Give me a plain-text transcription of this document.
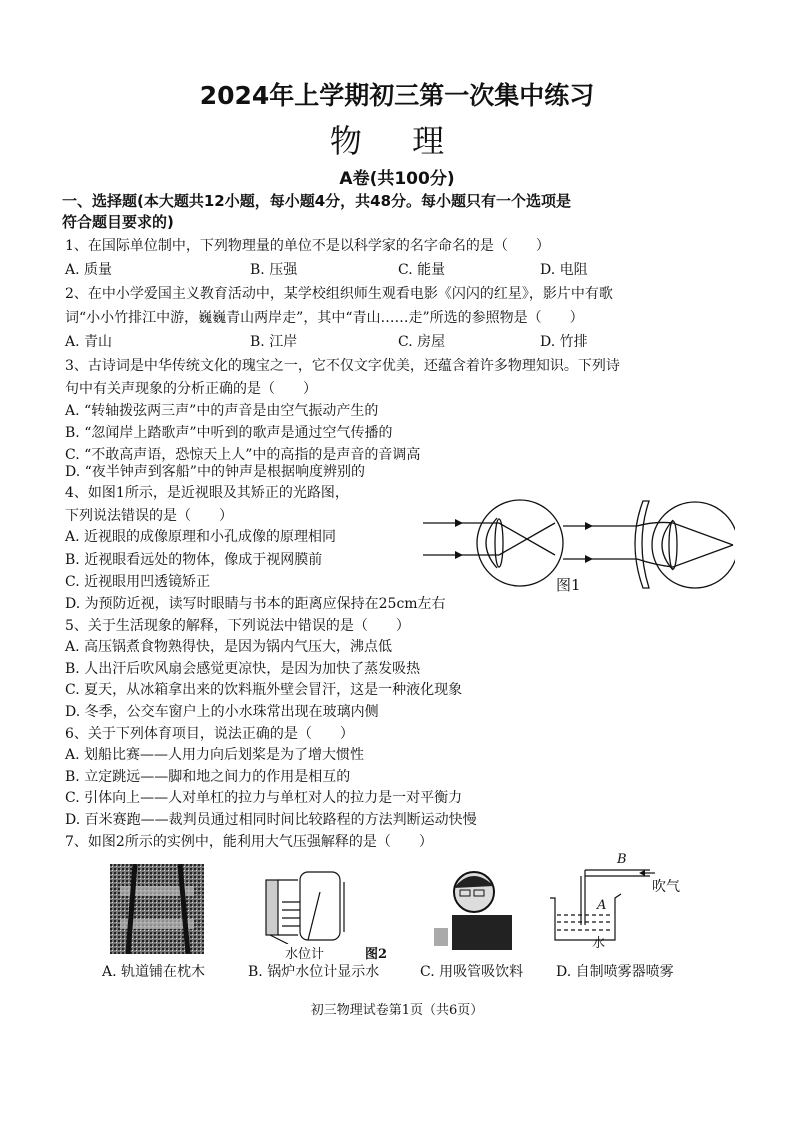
2024年上学期初三第一次集中练习
物 理
A卷(共100分)
一、选择题(本大题共12小题，每小题4分，共48分。每小题只有一个选项是
符合题目要求的)
1、在国际单位制中，下列物理量的单位不是以科学家的名字命名的是（　　）
A. 质量	B. 压强	C. 能量	D. 电阻
2、在中小学爱国主义教育活动中，某学校组织师生观看电影《闪闪的红星》，影片中有歌
词“小小竹排江中游，巍巍青山两岸走”，其中“青山……走”所选的参照物是（　　）
A. 青山	B. 江岸	C. 房屋	D. 竹排
3、古诗词是中华传统文化的瑰宝之一，它不仅文字优美，还蕴含着许多物理知识。下列诗
句中有关声现象的分析正确的是（　　）
A. “转轴拨弦两三声”中的声音是由空气振动产生的
B. “忽闻岸上踏歌声”中听到的歌声是通过空气传播的
C. “不敢高声语，恐惊天上人”中的高指的是声音的音调高
D. “夜半钟声到客船”中的钟声是根据响度辨别的
4、如图1所示，是近视眼及其矫正的光路图，
下列说法错误的是（　　）
A. 近视眼的成像原理和小孔成像的原理相同
B. 近视眼看远处的物体，像成于视网膜前
C. 近视眼用凹透镜矫正
D. 为预防近视，读写时眼睛与书本的距离应保持在25cm左右
图1
5、关于生活现象的解释，下列说法中错误的是（　　）
A. 高压锅煮食物熟得快，是因为锅内气压大，沸点低
B. 人出汗后吹风扇会感觉更凉快，是因为加快了蒸发吸热
C. 夏天，从冰箱拿出来的饮料瓶外壁会冒汗，这是一种液化现象
D. 冬季，公交车窗户上的小水珠常出现在玻璃内侧
6、关于下列体育项目，说法正确的是（　　）
A. 划船比赛——人用力向后划桨是为了增大惯性
B. 立定跳远——脚和地之间力的作用是相互的
C. 引体向上——人对单杠的拉力与单杠对人的拉力是一对平衡力
D. 百米赛跑——裁判员通过相同时间比较路程的方法判断运动快慢
7、如图2所示的实例中，能利用大气压强解释的是（　　）
水位计	图2
B
吹气
A
水
A. 轨道铺在枕木	B. 锅炉水位计显示水	C. 用吸管吸饮料 D. 自制喷雾器喷雾
初三物理试卷第1页（共6页）
